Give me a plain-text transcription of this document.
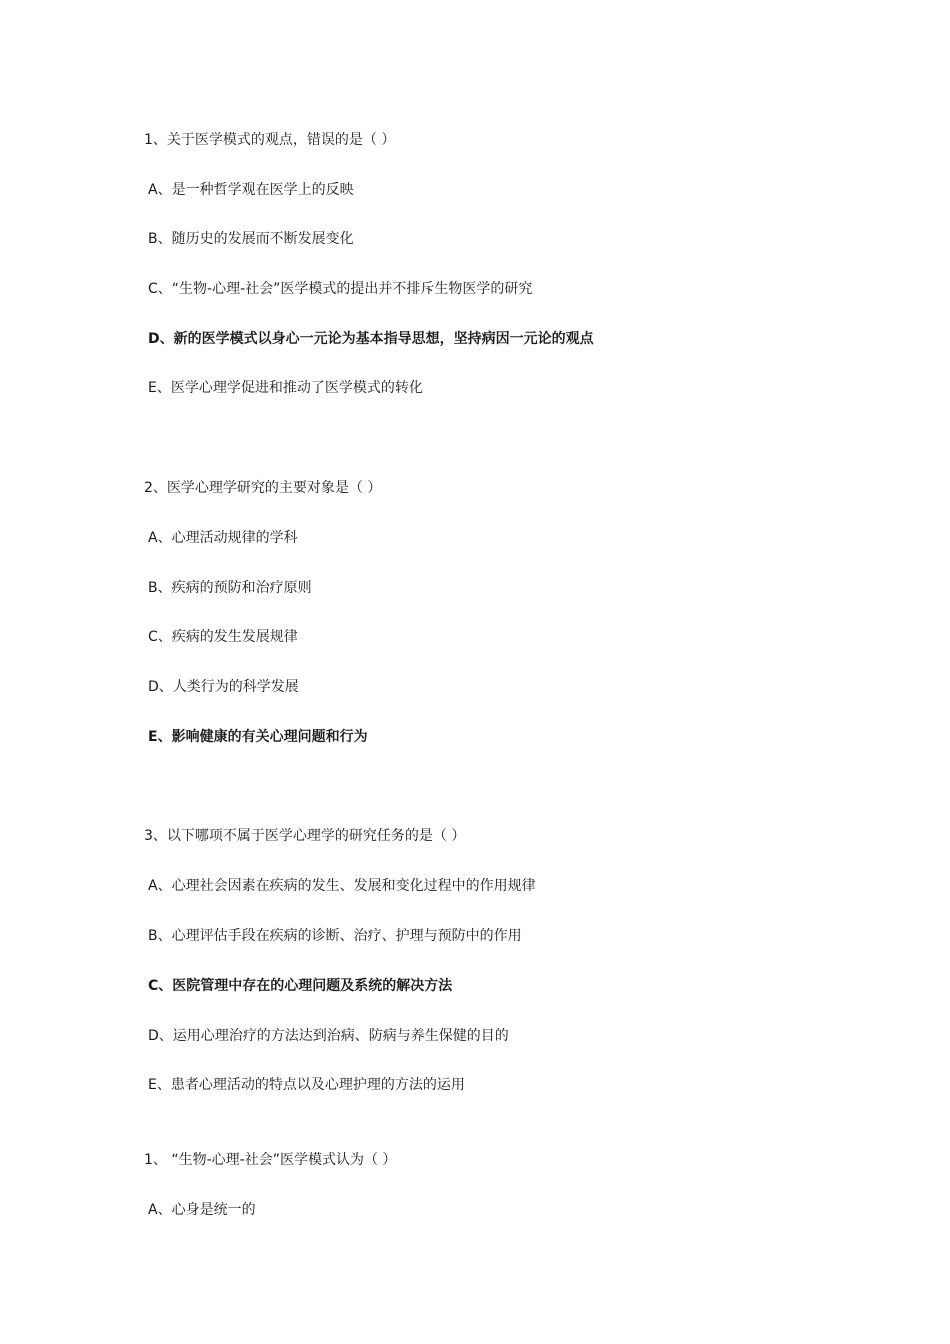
1、关于医学模式的观点，错误的是（ ）
A、是一种哲学观在医学上的反映
B、随历史的发展而不断发展变化
C、“生物-心理-社会”医学模式的提出并不排斥生物医学的研究
D、新的医学模式以身心一元论为基本指导思想，坚持病因一元论的观点
E、医学心理学促进和推动了医学模式的转化
2、医学心理学研究的主要对象是（ ）
A、心理活动规律的学科
B、疾病的预防和治疗原则
C、疾病的发生发展规律
D、人类行为的科学发展
E、影响健康的有关心理问题和行为
3、以下哪项不属于医学心理学的研究任务的是（ ）
A、心理社会因素在疾病的发生、发展和变化过程中的作用规律
B、心理评估手段在疾病的诊断、治疗、护理与预防中的作用
C、医院管理中存在的心理问题及系统的解决方法
D、运用心理治疗的方法达到治病、防病与养生保健的目的
E、患者心理活动的特点以及心理护理的方法的运用
1、 “生物-心理-社会”医学模式认为（ ）
A、心身是统一的
